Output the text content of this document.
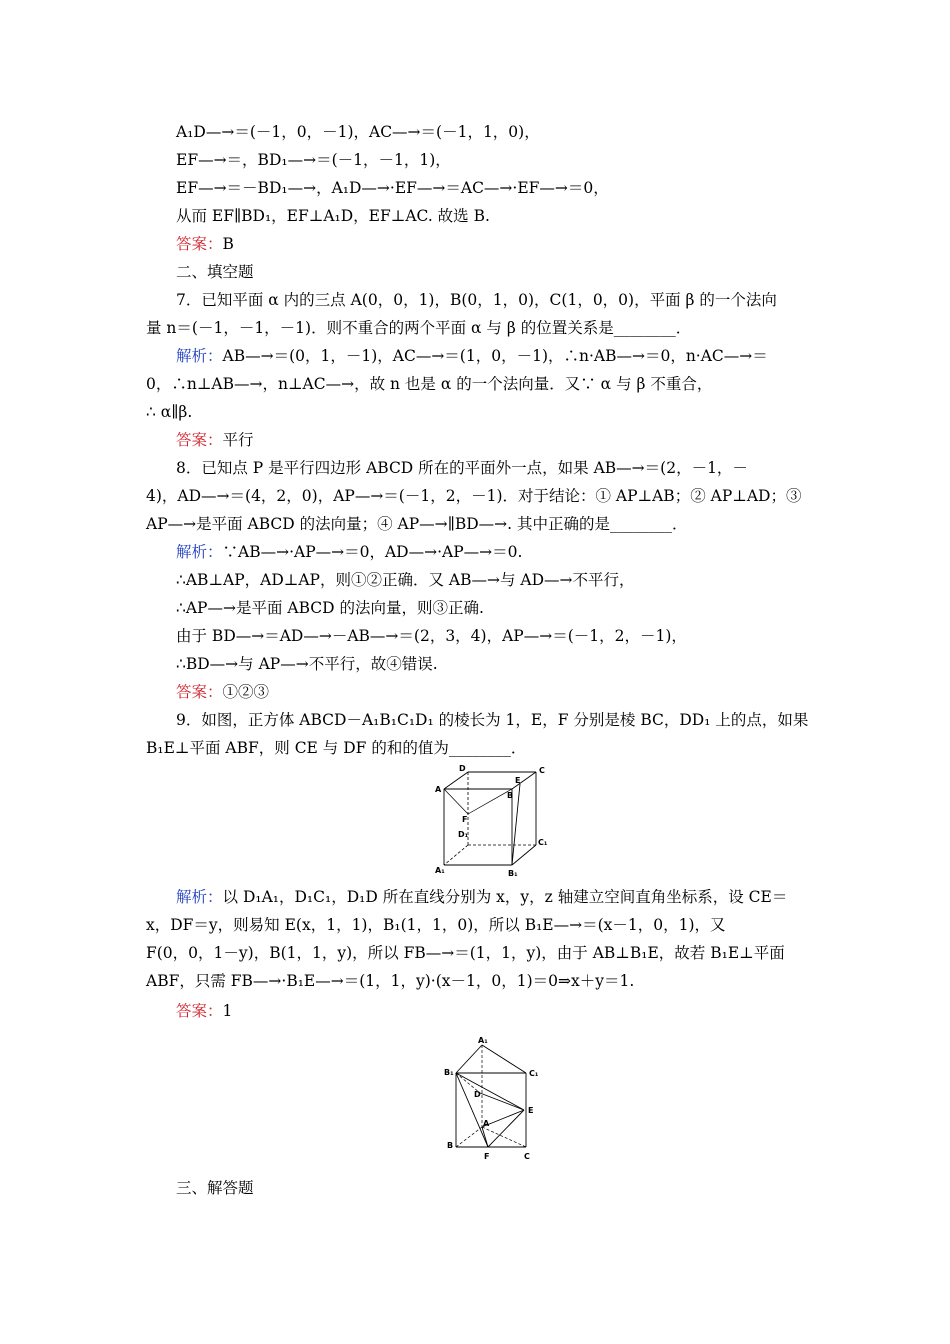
A₁D—→＝(－1，0，－1)，AC—→＝(－1，1，0)，
EF—→＝，BD₁—→＝(－1，－1，1)，
EF—→＝－BD₁—→，A₁D—→·EF—→＝AC—→·EF—→＝0，
从而 EF∥BD₁，EF⊥A₁D，EF⊥AC. 故选 B.
答案：B
二、填空题
7．已知平面 α 内的三点 A(0，0，1)，B(0，1，0)，C(1，0，0)，平面 β 的一个法向
量 n＝(－1，－1，－1)．则不重合的两个平面 α 与 β 的位置关系是________．
解析：AB—→＝(0，1，－1)，AC—→＝(1，0，－1)，∴n·AB—→＝0，n·AC—→＝
0，∴n⊥AB—→，n⊥AC—→，故 n 也是 α 的一个法向量．又∵ α 与 β 不重合，
∴ α∥β.
答案：平行
8．已知点 P 是平行四边形 ABCD 所在的平面外一点，如果 AB—→＝(2，－1，－
4)，AD—→＝(4，2，0)，AP—→＝(－1，2，－1)．对于结论：① AP⊥AB；② AP⊥AD；③
AP—→是平面 ABCD 的法向量；④ AP—→∥BD—→. 其中正确的是________．
解析：∵AB—→·AP—→＝0，AD—→·AP—→＝0.
∴AB⊥AP，AD⊥AP，则①②正确．又 AB—→与 AD—→不平行，
∴AP—→是平面 ABCD 的法向量，则③正确.
由于 BD—→＝AD—→－AB—→＝(2，3，4)，AP—→＝(－1，2，－1)，
∴BD—→与 AP—→不平行，故④错误.
答案：①②③
9．如图，正方体 ABCD－A₁B₁C₁D₁ 的棱长为 1，E，F 分别是棱 BC，DD₁ 上的点，如果
B₁E⊥平面 ABF，则 CE 与 DF 的和的值为________．
D
E
C
B
A
F
D₁
C₁
A₁	B₁
解析：以 D₁A₁，D₁C₁，D₁D 所在直线分别为 x，y，z 轴建立空间直角坐标系，设 CE＝
x，DF＝y，则易知 E(x，1，1)，B₁(1，1，0)，所以 B₁E—→＝(x－1，0，1)，又
F(0，0，1－y)，B(1，1，y)，所以 FB—→＝(1，1，y)，由于 AB⊥B₁E，故若 B₁E⊥平面
ABF，只需 FB—→·B₁E—→＝(1，1，y)·(x－1，0，1)＝0⇒x＋y＝1.
答案：1
A₁
B₁	C₁
D
E
A
B
F	C
三、解答题
